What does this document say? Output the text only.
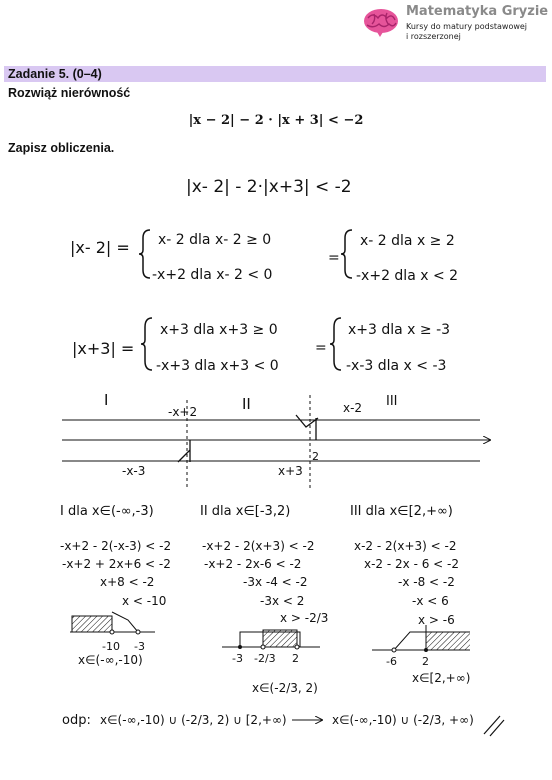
Matematyka Gryzie
Kursy do matury podstawowej
i rozszerzonej
Zadanie 5. (0–4)
Rozwiąż nierówność
|x − 2| − 2 · |x + 3| < −2
Zapisz obliczenia.
|x- 2| - 2·|x+3| < -2
|x- 2| = x- 2 dla x- 2 ≥ 0
-x+2 dla x- 2 < 0
=
x- 2 dla x ≥ 2
-x+2 dla x < 2
|x+3| =
x+3 dla x+3 ≥ 0
-x+3 dla x+3 < 0
=
x+3 dla x ≥ -3
-x-3 dla x < -3
I	II	III
-x+2	x-2
-x-3	x+3
2
I dla x∈(-∞,-3)
-x+2 - 2(-x-3) < -2
-x+2 + 2x+6 < -2
x+8 < -2
x < -10
-10 -3
x∈(-∞,-10)
II dla x∈[-3,2)
-x+2 - 2(x+3) < -2
-x+2 - 2x-6 < -2
-3x -4 < -2
-3x < 2
x > -2/3
-3 -2/3 2
x∈(-2/3, 2)
III dla x∈[2,+∞)
x-2 - 2(x+3) < -2
x-2 - 2x - 6 < -2
-x -8 < -2
-x < 6
x > -6
-6 2
x∈[2,+∞)
odp: x∈(-∞,-10) ∪ (-2/3, 2) ∪ [2,+∞)	x∈(-∞,-10) ∪ (-2/3, +∞)
